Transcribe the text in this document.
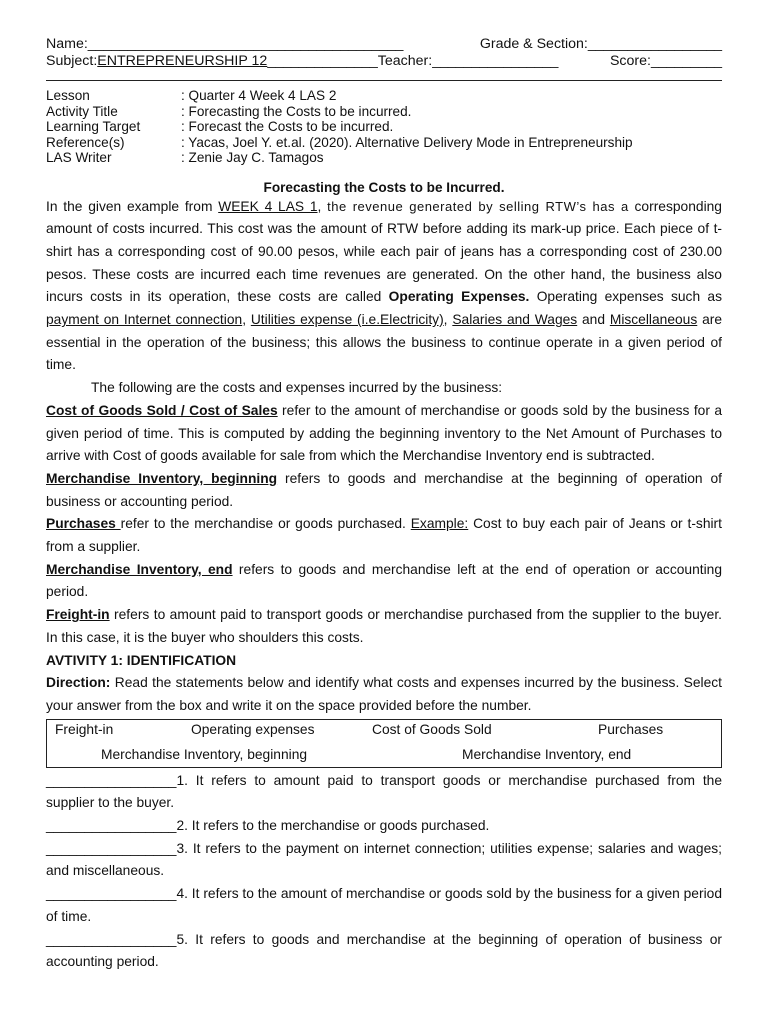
Name:________________________________________	Grade & Section:_________________
Subject:ENTREPRENEURSHIP 12______________Teacher:________________	Score:_________
Lesson	: Quarter 4 Week 4 LAS 2
Activity Title	: Forecasting the Costs to be incurred.
Learning Target	: Forecast the Costs to be incurred.
Reference(s)	: Yacas, Joel Y. et.al. (2020). Alternative Delivery Mode in Entrepreneurship
LAS Writer	: Zenie Jay C. Tamagos
Forecasting the Costs to be Incurred.

In the given example from WEEK 4 LAS 1, the revenue generated by selling RTW’s has a corresponding amount of costs incurred. This cost was the amount of RTW before adding its mark-up price. Each piece of t-shirt has a corresponding cost of 90.00 pesos, while each pair of jeans has a corresponding cost of 230.00 pesos. These costs are incurred each time revenues are generated. On the other hand, the business also incurs costs in its operation, these costs are called Operating Expenses. Operating expenses such as payment on Internet connection, Utilities expense (i.e.Electricity), Salaries and Wages and Miscellaneous are essential in the operation of the business; this allows the business to continue operate in a given period of time.

The following are the costs and expenses incurred by the business:

Cost of Goods Sold / Cost of Sales refer to the amount of merchandise or goods sold by the business for a given period of time. This is computed by adding the beginning inventory to the Net Amount of Purchases to arrive with Cost of goods available for sale from which the Merchandise Inventory end is subtracted.

Merchandise Inventory, beginning refers to goods and merchandise at the beginning of operation of business or accounting period.

Purchases refer to the merchandise or goods purchased. Example: Cost to buy each pair of Jeans or t-shirt from a supplier.

Merchandise Inventory, end refers to goods and merchandise left at the end of operation or accounting period.

Freight-in refers to amount paid to transport goods or merchandise purchased from the supplier to the buyer. In this case, it is the buyer who shoulders this costs.

AVTIVITY 1: IDENTIFICATION

Direction: Read the statements below and identify what costs and expenses incurred by the business. Select your answer from the box and write it on the space provided before the number.

Freight-in	Operating expenses	Cost of Goods Sold	Purchases
Merchandise Inventory, beginning	Merchandise Inventory, end

_________________1. It refers to amount paid to transport goods or merchandise purchased from the supplier to the buyer.

_________________2. It refers to the merchandise or goods purchased.

_________________3. It refers to the payment on internet connection; utilities expense; salaries and wages; and miscellaneous.

_________________4. It refers to the amount of merchandise or goods sold by the business for a given period of time.

_________________5. It refers to goods and merchandise at the beginning of operation of business or accounting period.
